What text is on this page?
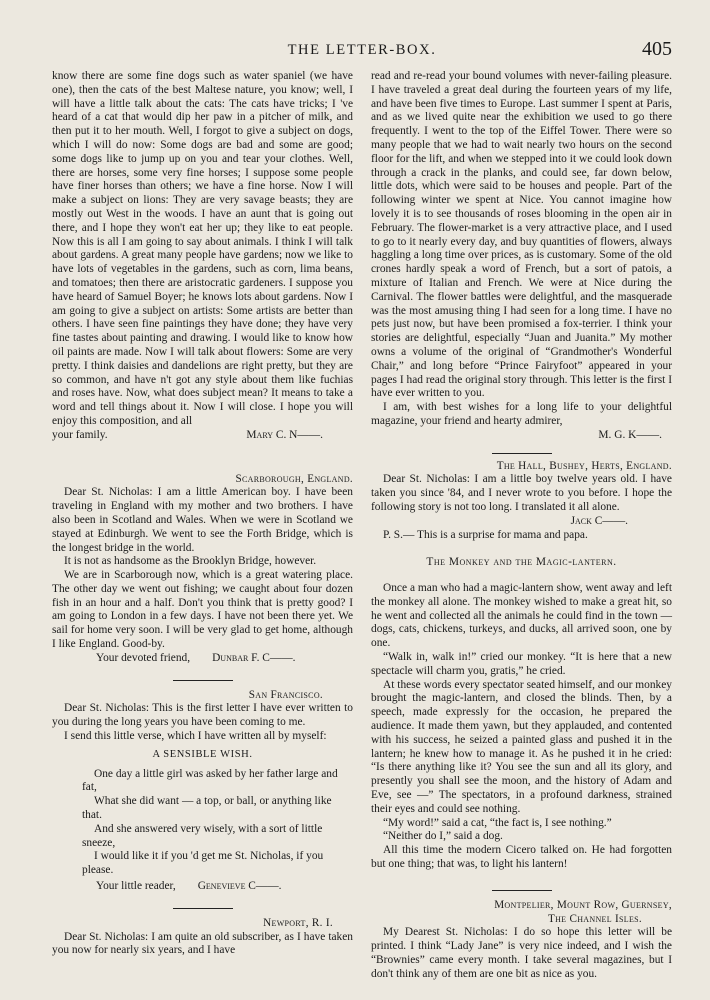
THE LETTER-BOX.	405

know there are some fine dogs such as water spaniel (we have one), then the cats of the best Maltese nature, you know; well, I will have a little talk about the cats: The cats have tricks; I 've heard of a cat that would dip her paw in a pitcher of milk, and then put it to her mouth. Well, I forgot to give a subject on dogs, which I will do now: Some dogs are bad and some are good; some dogs like to jump up on you and tear your clothes. Well, there are horses, some very fine horses; I suppose some people have finer horses than others; we have a fine horse. Now I will make a subject on lions: They are very savage beasts; they are mostly out West in the woods. I have an aunt that is going out there, and I hope they won't eat her up; they like to eat people. Now this is all I am going to say about animals. I think I will talk about gardens. A great many people have gardens; now we like to have lots of vegetables in the gardens, such as corn, lima beans, and tomatoes; then there are aristocratic gardeners. I suppose you have heard of Samuel Boyer; he knows lots about gardens. Now I am going to give a subject on artists: Some artists are better than others. I have seen fine paintings they have done; they have very fine tastes about painting and drawing. I would like to know how oil paints are made. Now I will talk about flowers: Some are very pretty. I think daisies and dandelions are right pretty, but they are so common, and have n't got any style about them like fuchias and roses have. Now, what does subject mean? It means to take a word and tell things about it. Now I will close. I hope you will enjoy this composition, and all

your family.	Mary C. N——.
Scarborough, England.

Dear St. Nicholas: I am a little American boy. I have been traveling in England with my mother and two brothers. I have also been in Scotland and Wales. When we were in Scotland we stayed at Edinburgh. We went to see the Forth Bridge, which is the longest bridge in the world.

It is not as handsome as the Brooklyn Bridge, however.

We are in Scarborough now, which is a great watering place. The other day we went out fishing; we caught about four dozen fish in an hour and a half. Don't you think that is pretty good? I am going to London in a few days. I have not been there yet. We sail for home very soon. I will be very glad to get home, although I like England. Good-by.

Your devoted friend, Dunbar F. C——.
San Francisco.

Dear St. Nicholas: This is the first letter I have ever written to you during the long years you have been coming to me.

I send this little verse, which I have written all by myself:

A SENSIBLE WISH.

One day a little girl was asked by her father large and fat,

What she did want — a top, or ball, or anything like that.

And she answered very wisely, with a sort of little sneeze,

I would like it if you 'd get me St. Nicholas, if you please.

Your little reader, Genevieve C——.
Newport, R. I.

Dear St. Nicholas: I am quite an old subscriber, as I have taken you now for nearly six years, and I have

read and re-read your bound volumes with never-failing pleasure. I have traveled a great deal during the fourteen years of my life, and have been five times to Europe. Last summer I spent at Paris, and as we lived quite near the exhibition we used to go there frequently. I went to the top of the Eiffel Tower. There were so many people that we had to wait nearly two hours on the second floor for the lift, and when we stepped into it we could look down through a crack in the planks, and could see, far down below, little dots, which were said to be houses and people. Part of the following winter we spent at Nice. You cannot imagine how lovely it is to see thousands of roses blooming in the open air in February. The flower-market is a very attractive place, and I used to go to it nearly every day, and buy quantities of flowers, always haggling a long time over prices, as is customary. Some of the old crones hardly speak a word of French, but a sort of patois, a mixture of Italian and French. We were at Nice during the Carnival. The flower battles were delightful, and the masquerade was the most amusing thing I had seen for a long time. I have no pets just now, but have been promised a fox-terrier. I think your stories are delightful, especially “Juan and Juanita.” My mother owns a volume of the original of “Grandmother's Wonderful Chair,” and long before “Prince Fairyfoot” appeared in your pages I had read the original story through. This letter is the first I have ever written to you.

I am, with best wishes for a long life to your delightful magazine, your friend and hearty admirer,

M. G. K——.
The Hall, Bushey, Herts, England.

Dear St. Nicholas: I am a little boy twelve years old. I have taken you since '84, and I never wrote to you before. I hope the following story is not too long. I translated it all alone.

Jack C——.

P. S.— This is a surprise for mama and papa.

The Monkey and the Magic-lantern.

Once a man who had a magic-lantern show, went away and left the monkey all alone. The monkey wished to make a great hit, so he went and collected all the animals he could find in the town — dogs, cats, chickens, turkeys, and ducks, all arrived soon, one by one.

“Walk in, walk in!” cried our monkey. “It is here that a new spectacle will charm you, gratis,” he cried.

At these words every spectator seated himself, and our monkey brought the magic-lantern, and closed the blinds. Then, by a speech, made expressly for the occasion, he prepared the audience. It made them yawn, but they applauded, and contented with his success, he seized a painted glass and pushed it in the lantern; he knew how to manage it. As he pushed it in he cried: “Is there anything like it? You see the sun and all its glory, and presently you shall see the moon, and the history of Adam and Eve, see —” The spectators, in a profound darkness, strained their eyes and could see nothing.

“My word!” said a cat, “the fact is, I see nothing.”

“Neither do I,” said a dog.

All this time the modern Cicero talked on. He had forgotten but one thing; that was, to light his lantern!

Montpelier, Mount Row, Guernsey,
The Channel Isles.

My Dearest St. Nicholas: I do so hope this letter will be printed. I think “Lady Jane” is very nice indeed, and I wish the “Brownies” came every month. I take several magazines, but I don't think any of them are one bit as nice as you.
